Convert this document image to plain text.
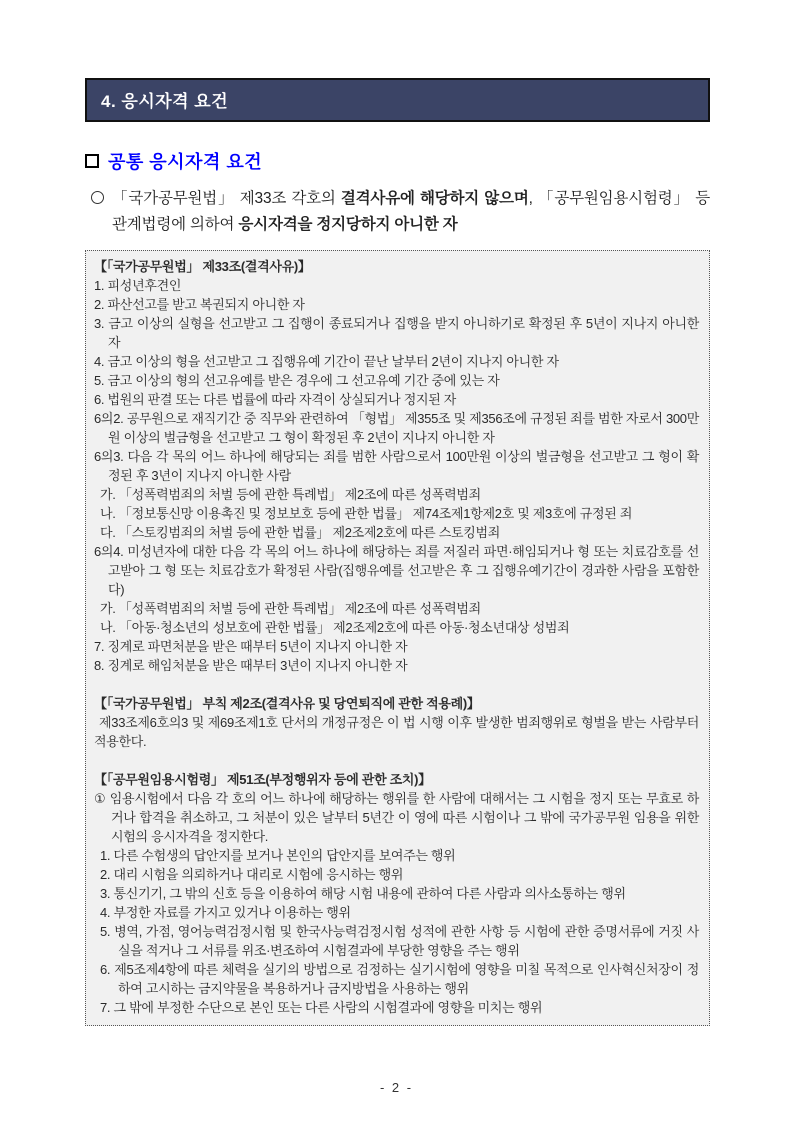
4. 응시자격 요건
공통 응시자격 요건
「국가공무원법」 제33조 각호의 결격사유에 해당하지 않으며, 「공무원임용시험령」 등 관계법령에 의하여 응시자격을 정지당하지 아니한 자
【「국가공무원법」 제33조(결격사유)】
1. 피성년후견인
2. 파산선고를 받고 복권되지 아니한 자
3. 금고 이상의 실형을 선고받고 그 집행이 종료되거나 집행을 받지 아니하기로 확정된 후 5년이 지나지 아니한 자
4. 금고 이상의 형을 선고받고 그 집행유예 기간이 끝난 날부터 2년이 지나지 아니한 자
5. 금고 이상의 형의 선고유예를 받은 경우에 그 선고유예 기간 중에 있는 자
6. 법원의 판결 또는 다른 법률에 따라 자격이 상실되거나 정지된 자
6의2. 공무원으로 재직기간 중 직무와 관련하여 「형법」 제355조 및 제356조에 규정된 죄를 범한 자로서 300만원 이상의 벌금형을 선고받고 그 형이 확정된 후 2년이 지나지 아니한 자
6의3. 다음 각 목의 어느 하나에 해당되는 죄를 범한 사람으로서 100만원 이상의 벌금형을 선고받고 그 형이 확정된 후 3년이 지나지 아니한 사람
가. 「성폭력범죄의 처벌 등에 관한 특례법」 제2조에 따른 성폭력범죄
나. 「정보통신망 이용촉진 및 정보보호 등에 관한 법률」 제74조제1항제2호 및 제3호에 규정된 죄
다. 「스토킹범죄의 처벌 등에 관한 법률」 제2조제2호에 따른 스토킹범죄
6의4. 미성년자에 대한 다음 각 목의 어느 하나에 해당하는 죄를 저질러 파면·해임되거나 형 또는 치료감호를 선고받아 그 형 또는 치료감호가 확정된 사람(집행유예를 선고받은 후 그 집행유예기간이 경과한 사람을 포함한다)
가. 「성폭력범죄의 처벌 등에 관한 특례법」 제2조에 따른 성폭력범죄
나. 「아동·청소년의 성보호에 관한 법률」 제2조제2호에 따른 아동·청소년대상 성범죄
7. 징계로 파면처분을 받은 때부터 5년이 지나지 아니한 자
8. 징계로 해임처분을 받은 때부터 3년이 지나지 아니한 자
【「국가공무원법」 부칙 제2조(결격사유 및 당연퇴직에 관한 적용례)】
제33조제6호의3 및 제69조제1호 단서의 개정규정은 이 법 시행 이후 발생한 범죄행위로 형벌을 받는 사람부터 적용한다.
【「공무원임용시험령」 제51조(부정행위자 등에 관한 조치)】
① 임용시험에서 다음 각 호의 어느 하나에 해당하는 행위를 한 사람에 대해서는 그 시험을 정지 또는 무효로 하거나 합격을 취소하고, 그 처분이 있은 날부터 5년간 이 영에 따른 시험이나 그 밖에 국가공무원 임용을 위한 시험의 응시자격을 정지한다.
1. 다른 수험생의 답안지를 보거나 본인의 답안지를 보여주는 행위
2. 대리 시험을 의뢰하거나 대리로 시험에 응시하는 행위
3. 통신기기, 그 밖의 신호 등을 이용하여 해당 시험 내용에 관하여 다른 사람과 의사소통하는 행위
4. 부정한 자료를 가지고 있거나 이용하는 행위
5. 병역, 가점, 영어능력검정시험 및 한국사능력검정시험 성적에 관한 사항 등 시험에 관한 증명서류에 거짓 사실을 적거나 그 서류를 위조·변조하여 시험결과에 부당한 영향을 주는 행위
6. 제5조제4항에 따른 체력을 실기의 방법으로 검정하는 실기시험에 영향을 미칠 목적으로 인사혁신처장이 정하여 고시하는 금지약물을 복용하거나 금지방법을 사용하는 행위
7. 그 밖에 부정한 수단으로 본인 또는 다른 사람의 시험결과에 영향을 미치는 행위
- 2 -
